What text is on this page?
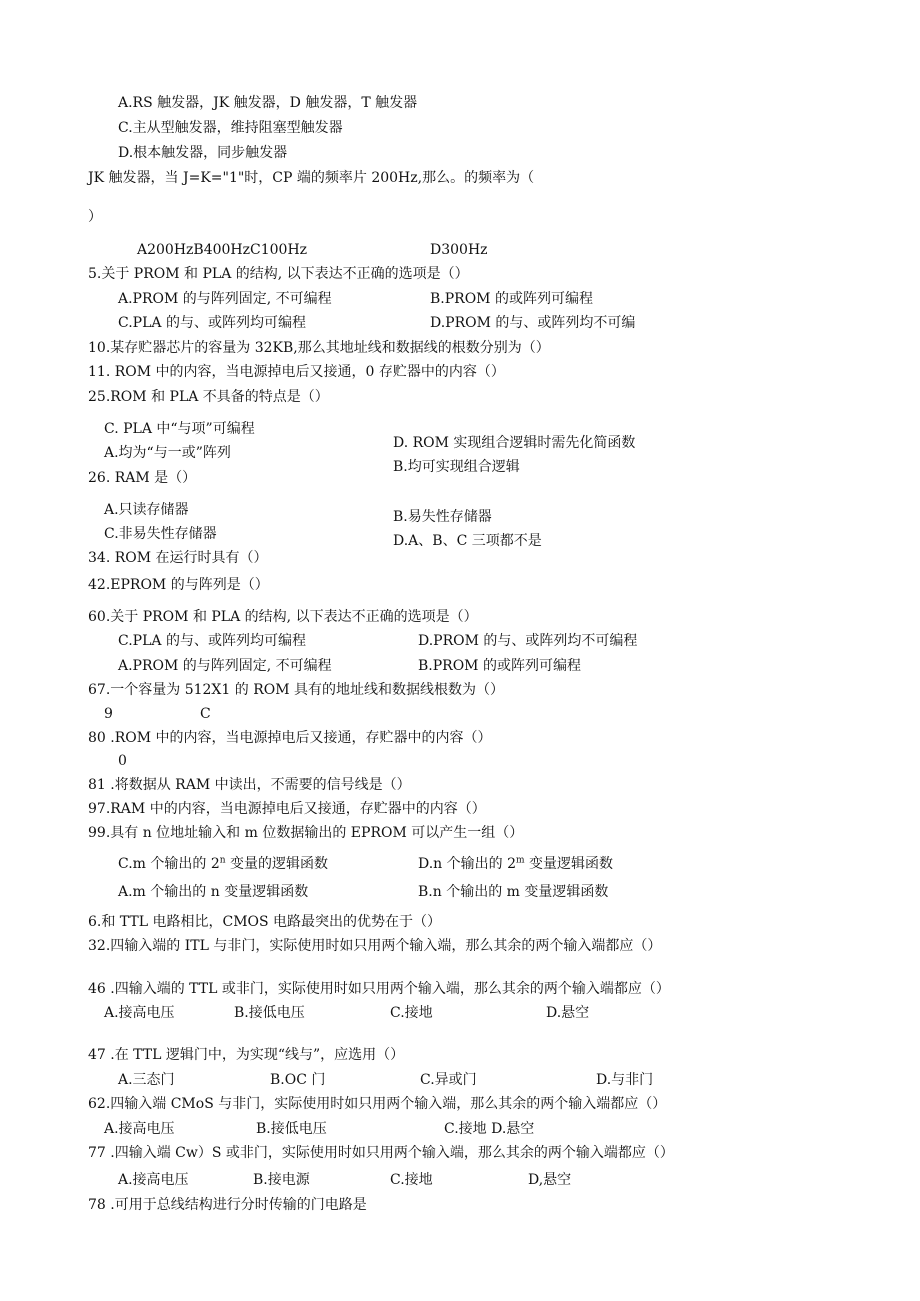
A.RS 触发器，JK 触发器，D 触发器，T 触发器
C.主从型触发器，维持阻塞型触发器
D.根本触发器，同步触发器
JK 触发器，当 J=K="1"时，CP 端的频率片 200Hz,那么。的频率为（
）
A200HzB400HzC100Hz	D300Hz
5.关于 PROM 和 PLA 的结构, 以下表达不正确的选项是（）
A.PROM 的与阵列固定, 不可编程	B.PROM 的或阵列可编程
C.PLA 的与、或阵列均可编程	D.PROM 的与、或阵列均不可编
10.某存贮器芯片的容量为 32KB,那么其地址线和数据线的根数分别为（）
11. ROM 中的内容，当电源掉电后又接通，0 存贮器中的内容（）
25.ROM 和 PLA 不具备的特点是（）
C. PLA 中“与项”可编程
D. ROM 实现组合逻辑时需先化简函数
A.均为“与一或”阵列
B.均可实现组合逻辑
26. RAM 是（）
A.只读存储器	B.易失性存储器
C.非易失性存储器	D.A、B、C 三项都不是
34. ROM 在运行时具有（）
42.EPROM 的与阵列是（）
60.关于 PROM 和 PLA 的结构, 以下表达不正确的选项是（）
C.PLA 的与、或阵列均可编程	D.PROM 的与、或阵列均不可编程
A.PROM 的与阵列固定, 不可编程	B.PROM 的或阵列可编程
67.一个容量为 512X1 的 ROM 具有的地址线和数据线根数为（）
9	C
80 .ROM 中的内容，当电源掉电后又接通，存贮器中的内容（）
0
81 .将数据从 RAM 中读出，不需要的信号线是（）
97.RAM 中的内容，当电源掉电后又接通，存贮器中的内容（）
99.具有 n 位地址输入和 m 位数据输出的 EPROM 可以产生一组（）
C.m 个输出的 2$^n$ 变量的逻辑函数	D.n 个输出的 2$^m$ 变量逻辑函数
A.m 个输出的 n 变量逻辑函数	B.n 个输出的 m 变量逻辑函数
6.和 TTL 电路相比，CMOS 电路最突出的优势在于（）
32.四输入端的 ITL 与非门，实际使用时如只用两个输入端，那么其余的两个输入端都应（）
46 .四输入端的 TTL 或非门，实际使用时如只用两个输入端，那么其余的两个输入端都应（）
A.接高电压	B.接低电压	C.接地	D.悬空
47 .在 TTL 逻辑门中，为实现“线与”，应选用（）
A.三态门	B.OC 门	C.异或门	D.与非门
62.四输入端 CMoS 与非门，实际使用时如只用两个输入端，那么其余的两个输入端都应（）
A.接高电压	B.接低电压	C.接地 D.悬空
77 .四输入端 Cw）S 或非门，实际使用时如只用两个输入端，那么其余的两个输入端都应（）
A.接高电压	B.接电源	C.接地	D,悬空
78 .可用于总线结构进行分时传输的门电路是
